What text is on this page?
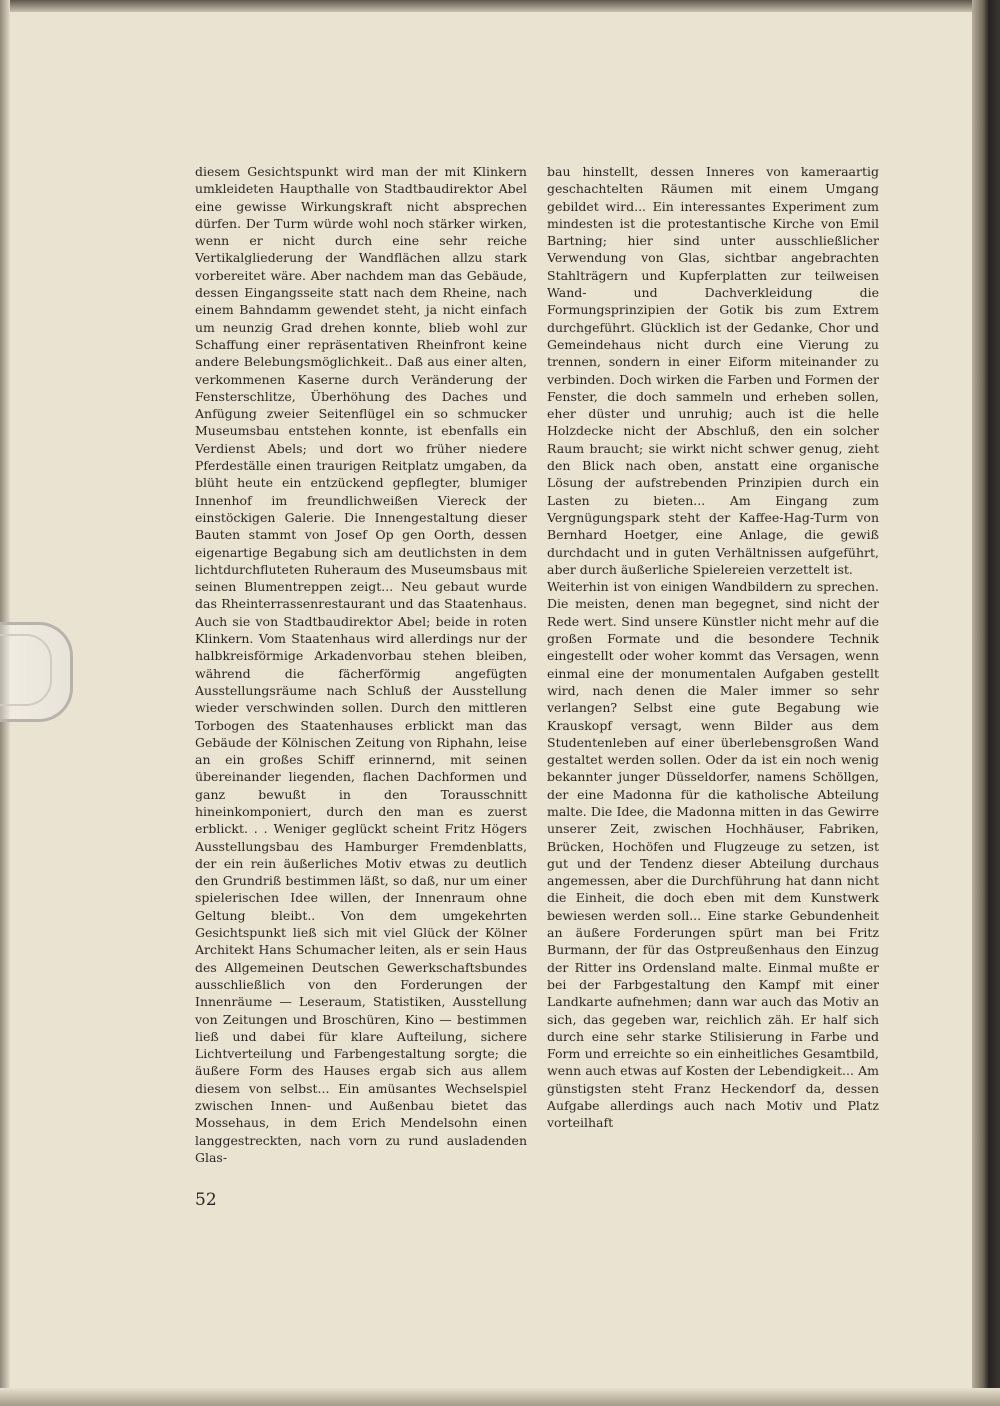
diesem Gesichtspunkt wird man der mit Klinkern umkleideten Haupthalle von Stadtbaudirektor Abel eine gewisse Wirkungskraft nicht absprechen dürfen. Der Turm würde wohl noch stärker wirken, wenn er nicht durch eine sehr reiche Vertikalgliederung der Wandflächen allzu stark vorbereitet wäre. Aber nachdem man das Gebäude, dessen Eingangsseite statt nach dem Rheine, nach einem Bahndamm gewendet steht, ja nicht einfach um neunzig Grad drehen konnte, blieb wohl zur Schaffung einer repräsentativen Rheinfront keine andere Belebungsmöglichkeit.. Daß aus einer alten, verkommenen Kaserne durch Veränderung der Fensterschlitze, Überhöhung des Daches und Anfügung zweier Seitenflügel ein so schmucker Museumsbau entstehen konnte, ist ebenfalls ein Verdienst Abels; und dort wo früher niedere Pferdeställe einen traurigen Reitplatz umgaben, da blüht heute ein entzückend gepflegter, blumiger Innenhof im freundlichweißen Viereck der einstöckigen Galerie. Die Innengestaltung dieser Bauten stammt von Josef Op gen Oorth, dessen eigenartige Begabung sich am deutlichsten in dem lichtdurchfluteten Ruheraum des Museumsbaus mit seinen Blumentreppen zeigt... Neu gebaut wurde das Rheinterrassenrestaurant und das Staatenhaus. Auch sie von Stadtbaudirektor Abel; beide in roten Klinkern. Vom Staatenhaus wird allerdings nur der halbkreisförmige Arkadenvorbau stehen bleiben, während die fächerförmig angefügten Ausstellungsräume nach Schluß der Ausstellung wieder verschwinden sollen. Durch den mittleren Torbogen des Staatenhauses erblickt man das Gebäude der Kölnischen Zeitung von Riphahn, leise an ein großes Schiff erinnernd, mit seinen übereinander liegenden, flachen Dachformen und ganz bewußt in den Torausschnitt hineinkomponiert, durch den man es zuerst erblickt. . . Weniger geglückt scheint Fritz Högers Ausstellungsbau des Hamburger Fremdenblatts, der ein rein äußerliches Motiv etwas zu deutlich den Grundriß bestimmen läßt, so daß, nur um einer spielerischen Idee willen, der Innenraum ohne Geltung bleibt.. Von dem umgekehrten Gesichtspunkt ließ sich mit viel Glück der Kölner Architekt Hans Schumacher leiten, als er sein Haus des Allgemeinen Deutschen Gewerkschaftsbundes ausschließlich von den Forderungen der Innenräume — Leseraum, Statistiken, Ausstellung von Zeitungen und Broschüren, Kino — bestimmen ließ und dabei für klare Aufteilung, sichere Lichtverteilung und Farbengestaltung sorgte; die äußere Form des Hauses ergab sich aus allem diesem von selbst... Ein amüsantes Wechselspiel zwischen Innen- und Außenbau bietet das Mossehaus, in dem Erich Mendelsohn einen langgestreckten, nach vorn zu rund ausladenden Glas-

bau hinstellt, dessen Inneres von kameraartig geschachtelten Räumen mit einem Umgang gebildet wird... Ein interessantes Experiment zum mindesten ist die protestantische Kirche von Emil Bartning; hier sind unter ausschließlicher Verwendung von Glas, sichtbar angebrachten Stahlträgern und Kupferplatten zur teilweisen Wand- und Dachverkleidung die Formungsprinzipien der Gotik bis zum Extrem durchgeführt. Glücklich ist der Gedanke, Chor und Gemeindehaus nicht durch eine Vierung zu trennen, sondern in einer Eiform miteinander zu verbinden. Doch wirken die Farben und Formen der Fenster, die doch sammeln und erheben sollen, eher düster und unruhig; auch ist die helle Holzdecke nicht der Abschluß, den ein solcher Raum braucht; sie wirkt nicht schwer genug, zieht den Blick nach oben, anstatt eine organische Lösung der aufstrebenden Prinzipien durch ein Lasten zu bieten... Am Eingang zum Vergnügungspark steht der Kaffee-Hag-Turm von Bernhard Hoetger, eine Anlage, die gewiß durchdacht und in guten Verhältnissen aufgeführt, aber durch äußerliche Spielereien verzettelt ist.

Weiterhin ist von einigen Wandbildern zu sprechen. Die meisten, denen man begegnet, sind nicht der Rede wert. Sind unsere Künstler nicht mehr auf die großen Formate und die besondere Technik eingestellt oder woher kommt das Versagen, wenn einmal eine der monumentalen Aufgaben gestellt wird, nach denen die Maler immer so sehr verlangen? Selbst eine gute Begabung wie Krauskopf versagt, wenn Bilder aus dem Studentenleben auf einer überlebensgroßen Wand gestaltet werden sollen. Oder da ist ein noch wenig bekannter junger Düsseldorfer, namens Schöllgen, der eine Madonna für die katholische Abteilung malte. Die Idee, die Madonna mitten in das Gewirre unserer Zeit, zwischen Hochhäuser, Fabriken, Brücken, Hochöfen und Flugzeuge zu setzen, ist gut und der Tendenz dieser Abteilung durchaus angemessen, aber die Durchführung hat dann nicht die Einheit, die doch eben mit dem Kunstwerk bewiesen werden soll... Eine starke Gebundenheit an äußere Forderungen spürt man bei Fritz Burmann, der für das Ostpreußenhaus den Einzug der Ritter ins Ordensland malte. Einmal mußte er bei der Farbgestaltung den Kampf mit einer Landkarte aufnehmen; dann war auch das Motiv an sich, das gegeben war, reichlich zäh. Er half sich durch eine sehr starke Stilisierung in Farbe und Form und erreichte so ein einheitliches Gesamtbild, wenn auch etwas auf Kosten der Lebendigkeit... Am günstigsten steht Franz Heckendorf da, dessen Aufgabe allerdings auch nach Motiv und Platz vorteilhaft

52
